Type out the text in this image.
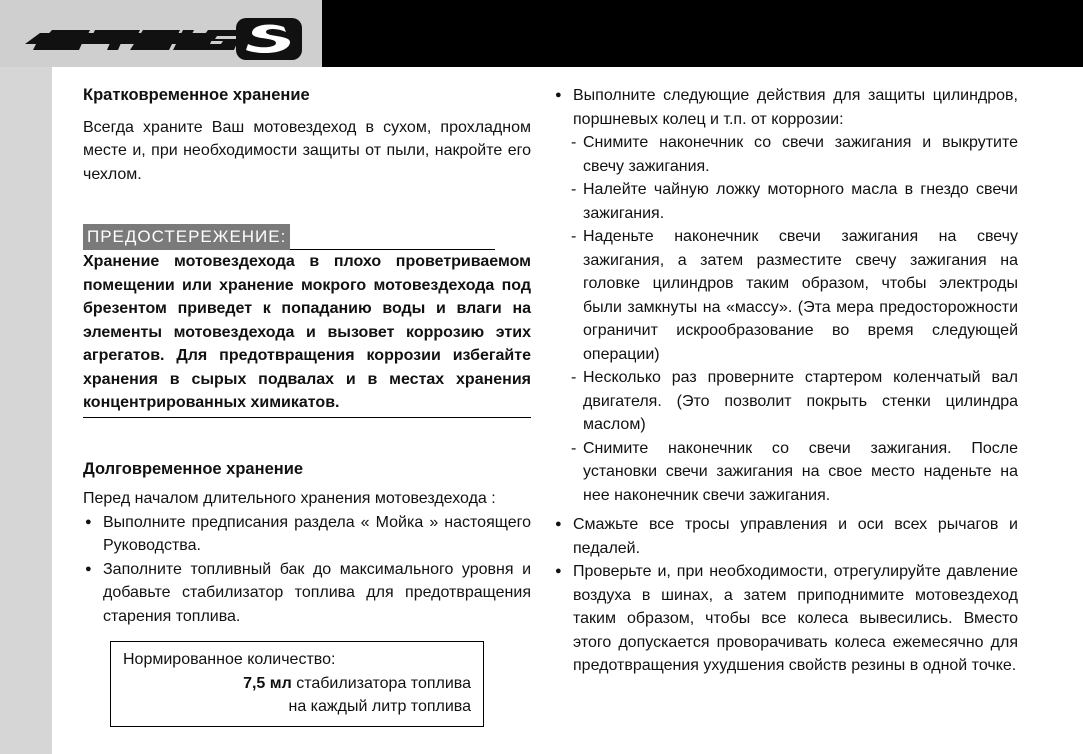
Кратковременное хранение

Всегда храните Ваш мотовездеход в сухом, прохладном месте и, при необходимости защиты от пыли, накройте его чехлом.

ПРЕДОСТЕРЕЖЕНИЕ:

Хранение мотовездехода в плохо проветриваемом помещении или хранение мокрого мотовездехода под брезентом приведет к попаданию воды и влаги на элементы мотовездехода и вызовет коррозию этих агрегатов. Для предотвращения коррозии избегайте хранения в сырых подвалах и в местах хранения концентрированных химикатов.

Долговременное хранение

Перед началом длительного хранения мотовездехода :

● Выполните предписания раздела « Мойка » настоящего Руководства.

● Заполните топливный бак до максимального уровня и добавьте стабилизатор топлива для предотвращения старения топлива.

Нормированное количество:
7,5 мл стабилизатора топлива
на каждый литр топлива

● Выполните следующие действия для защиты цилиндров, поршневых колец и т.п. от коррозии:

- Снимите наконечник со свечи зажигания и выкрутите свечу зажигания.

- Налейте чайную ложку моторного масла в гнездо свечи зажигания.

- Наденьте наконечник свечи зажигания на свечу зажигания, а затем разместите свечу зажигания на головке цилиндров таким образом, чтобы электроды были замкнуты на «массу». (Эта мера предосторожности ограничит искрообразование во время следующей операции)

- Несколько раз проверните стартером коленчатый вал двигателя. (Это позволит покрыть стенки цилиндра маслом)

- Снимите наконечник со свечи зажигания. После установки свечи зажигания на свое место наденьте на нее наконечник свечи зажигания.

● Смажьте все тросы управления и оси всех рычагов и педалей.

● Проверьте и, при необходимости, отрегулируйте давление воздуха в шинах, а затем приподнимите мотовездеход таким образом, чтобы все колеса вывесились. Вместо этого допускается проворачивать колеса ежемесячно для предотвращения ухудшения свойств резины в одной точке.
